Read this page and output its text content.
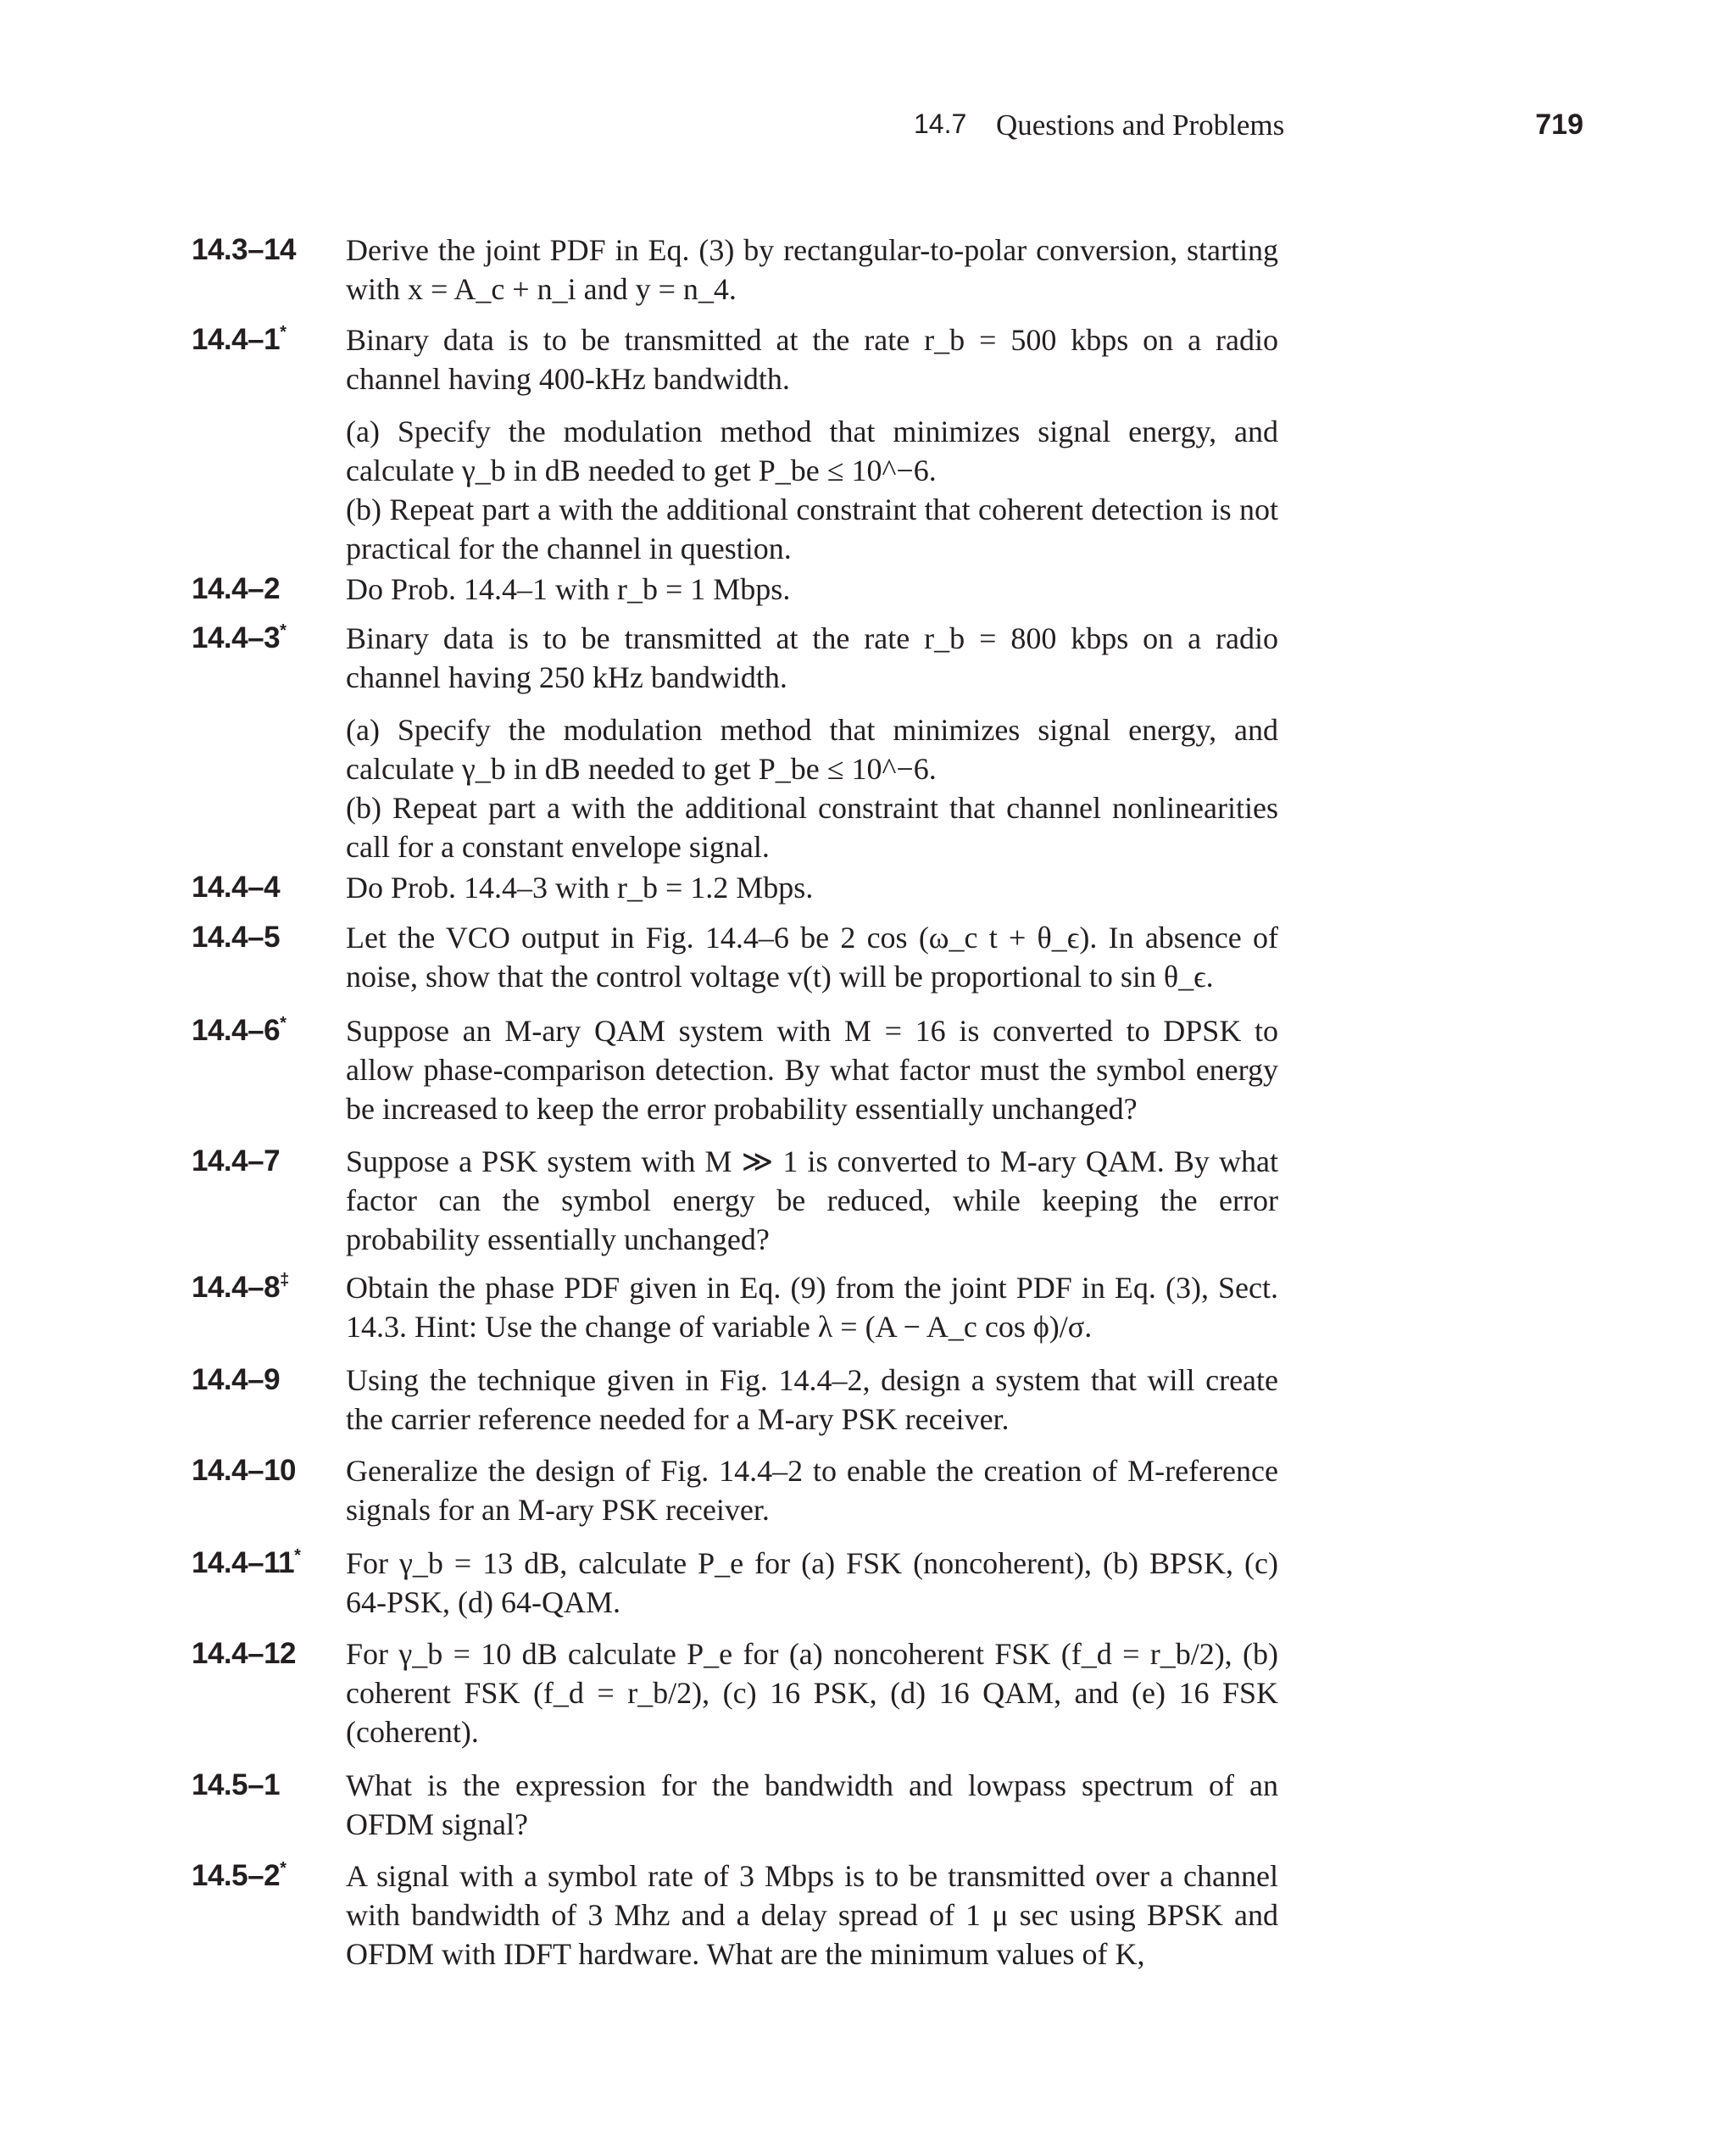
14.7 Questions and Problems	719
14.3–14 Derive the joint PDF in Eq. (3) by rectangular-to-polar conversion, starting with x = A_c + n_i and y = n_4.

14.4–1* Binary data is to be transmitted at the rate r_b = 500 kbps on a radio channel having 400-kHz bandwidth.

(a) Specify the modulation method that minimizes signal energy, and calculate γ_b in dB needed to get P_be ≤ 10^−6.

(b) Repeat part a with the additional constraint that coherent detection is not practical for the channel in question.

14.4–2 Do Prob. 14.4–1 with r_b = 1 Mbps.

14.4–3* Binary data is to be transmitted at the rate r_b = 800 kbps on a radio channel having 250 kHz bandwidth.

(a) Specify the modulation method that minimizes signal energy, and calculate γ_b in dB needed to get P_be ≤ 10^−6.

(b) Repeat part a with the additional constraint that channel nonlinearities call for a constant envelope signal.

14.4–4 Do Prob. 14.4–3 with r_b = 1.2 Mbps.

14.4–5 Let the VCO output in Fig. 14.4–6 be 2 cos (ω_c t + θ_ϵ). In absence of noise, show that the control voltage v(t) will be proportional to sin θ_ϵ.

14.4–6* Suppose an M-ary QAM system with M = 16 is converted to DPSK to allow phase-comparison detection. By what factor must the symbol energy be increased to keep the error probability essentially unchanged?

14.4–7 Suppose a PSK system with M ≫ 1 is converted to M-ary QAM. By what factor can the symbol energy be reduced, while keeping the error probability essentially unchanged?

14.4–8‡ Obtain the phase PDF given in Eq. (9) from the joint PDF in Eq. (3), Sect. 14.3. Hint: Use the change of variable λ = (A − A_c cos ϕ)/σ.

14.4–9 Using the technique given in Fig. 14.4–2, design a system that will create the carrier reference needed for a M-ary PSK receiver.

14.4–10 Generalize the design of Fig. 14.4–2 to enable the creation of M-reference signals for an M-ary PSK receiver.

14.4–11* For γ_b = 13 dB, calculate P_e for (a) FSK (noncoherent), (b) BPSK, (c) 64-PSK, (d) 64-QAM.

14.4–12 For γ_b = 10 dB calculate P_e for (a) noncoherent FSK (f_d = r_b/2), (b) coherent FSK (f_d = r_b/2), (c) 16 PSK, (d) 16 QAM, and (e) 16 FSK (coherent).

14.5–1 What is the expression for the bandwidth and lowpass spectrum of an OFDM signal?

14.5–2* A signal with a symbol rate of 3 Mbps is to be transmitted over a channel with bandwidth of 3 Mhz and a delay spread of 1 μ sec using BPSK and OFDM with IDFT hardware. What are the minimum values of K,
